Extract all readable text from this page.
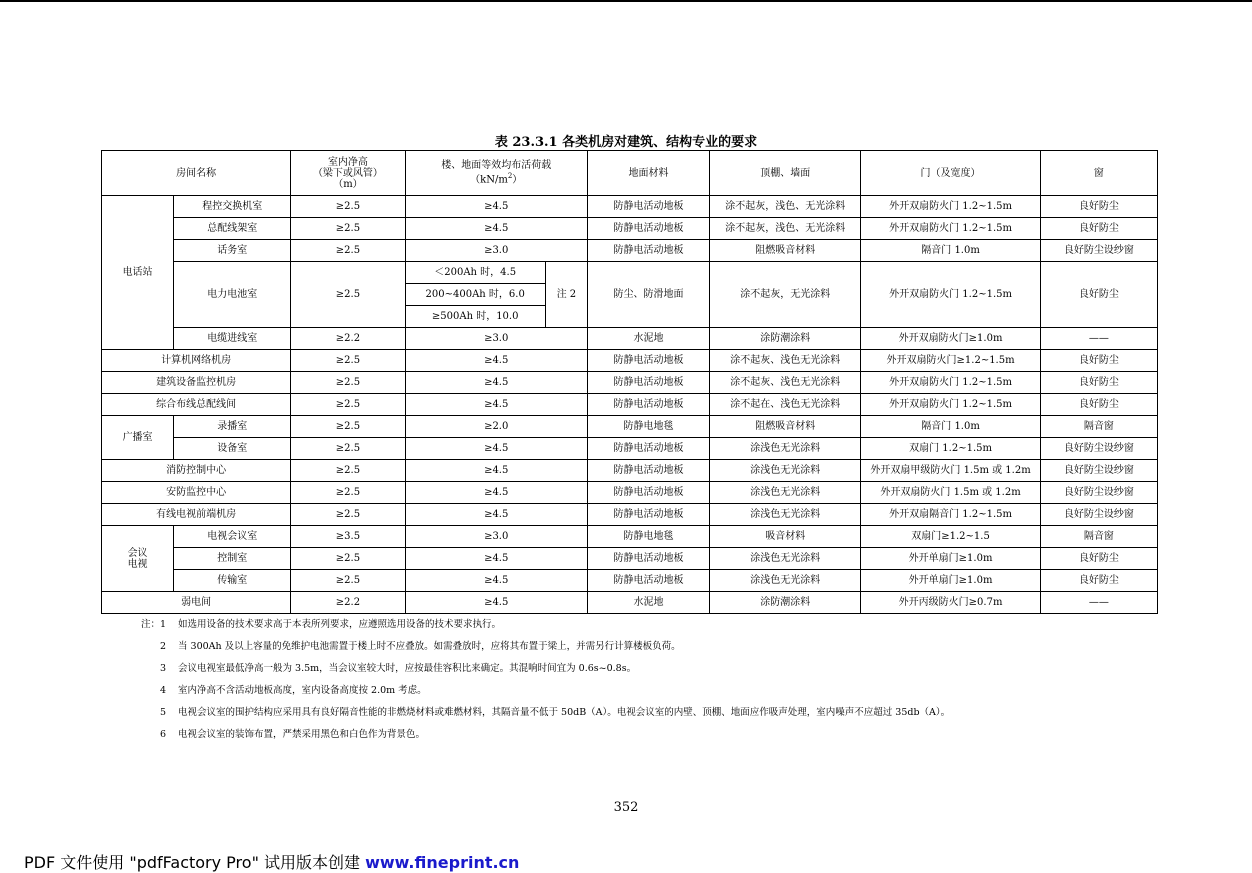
表 23.3.1 各类机房对建筑、结构专业的要求
房间名称		室内净高
（梁下或风管）
（m）	楼、地面等效均布活荷载
$(kN/m^2)$		地面材料	顶棚、墙面	门（及宽度）	窗
电话站	程控交换机室	≥2.5	≥4.5		防静电活动地板	涂不起灰，浅色、无光涂料	外开双扇防火门 1.2~1.5m	良好防尘
	总配线架室	≥2.5	≥4.5		防静电活动地板	涂不起灰，浅色、无光涂料	外开双扇防火门 1.2~1.5m	良好防尘
	话务室	≥2.5	≥3.0		防静电活动地板	阻燃吸音材料	隔音门 1.0m	良好防尘设纱窗
	电力电池室	≥2.5	＜200Ah 时，4.5	注 2	防尘、防滑地面	涂不起灰，无光涂料	外开双扇防火门 1.2~1.5m	良好防尘
			200~400Ah 时，6.0					
			≥500Ah 时，10.0					
	电缆进线室	≥2.2	≥3.0		水泥地	涂防潮涂料	外开双扇防火门≥1.0m	——
计算机网络机房		≥2.5	≥4.5		防静电活动地板	涂不起灰、浅色无光涂料	外开双扇防火门≥1.2~1.5m	良好防尘
建筑设备监控机房		≥2.5	≥4.5		防静电活动地板	涂不起灰、浅色无光涂料	外开双扇防火门 1.2~1.5m	良好防尘
综合布线总配线间		≥2.5	≥4.5		防静电活动地板	涂不起在、浅色无光涂料	外开双扇防火门 1.2~1.5m	良好防尘
广播室	录播室	≥2.5	≥2.0		防静电地毯	阻燃吸音材料	隔音门 1.0m	隔音窗
	设备室	≥2.5	≥4.5		防静电活动地板	涂浅色无光涂料	双扇门 1.2~1.5m	良好防尘设纱窗
消防控制中心		≥2.5	≥4.5		防静电活动地板	涂浅色无光涂料	外开双扇甲级防火门 1.5m 或 1.2m	良好防尘设纱窗
安防监控中心		≥2.5	≥4.5		防静电活动地板	涂浅色无光涂料	外开双扇防火门 1.5m 或 1.2m	良好防尘设纱窗
有线电视前端机房		≥2.5	≥4.5		防静电活动地板	涂浅色无光涂料	外开双扇隔音门 1.2~1.5m	良好防尘设纱窗
会议
电视	电视会议室	≥3.5	≥3.0		防静电地毯	吸音材料	双扇门≥1.2~1.5	隔音窗
	控制室	≥2.5	≥4.5		防静电活动地板	涂浅色无光涂料	外开单扇门≥1.0m	良好防尘
	传输室	≥2.5	≥4.5		防静电活动地板	涂浅色无光涂料	外开单扇门≥1.0m	良好防尘
弱电间		≥2.2	≥4.5		水泥地	涂防潮涂料	外开丙级防火门≥0.7m	——
注：1	如选用设备的技术要求高于本表所列要求，应遵照选用设备的技术要求执行。
2	当 300Ah 及以上容量的免维护电池需置于楼上时不应叠放。如需叠放时，应将其布置于梁上，并需另行计算楼板负荷。
3	会议电视室最低净高一般为 3.5m，当会议室较大时，应按最佳容积比来确定。其混响时间宜为 0.6s~0.8s。
4	室内净高不含活动地板高度，室内设备高度按 2.0m 考虑。
5	电视会议室的围护结构应采用具有良好隔音性能的非燃烧材料或难燃材料，其隔音量不低于 50dB（A）。电视会议室的内壁、顶棚、地面应作吸声处理，室内噪声不应超过 35db（A）。
6	电视会议室的装饰布置，严禁采用黑色和白色作为背景色。
352
PDF 文件使用 "pdfFactory Pro" 试用版本创建 www.fineprint.cn
